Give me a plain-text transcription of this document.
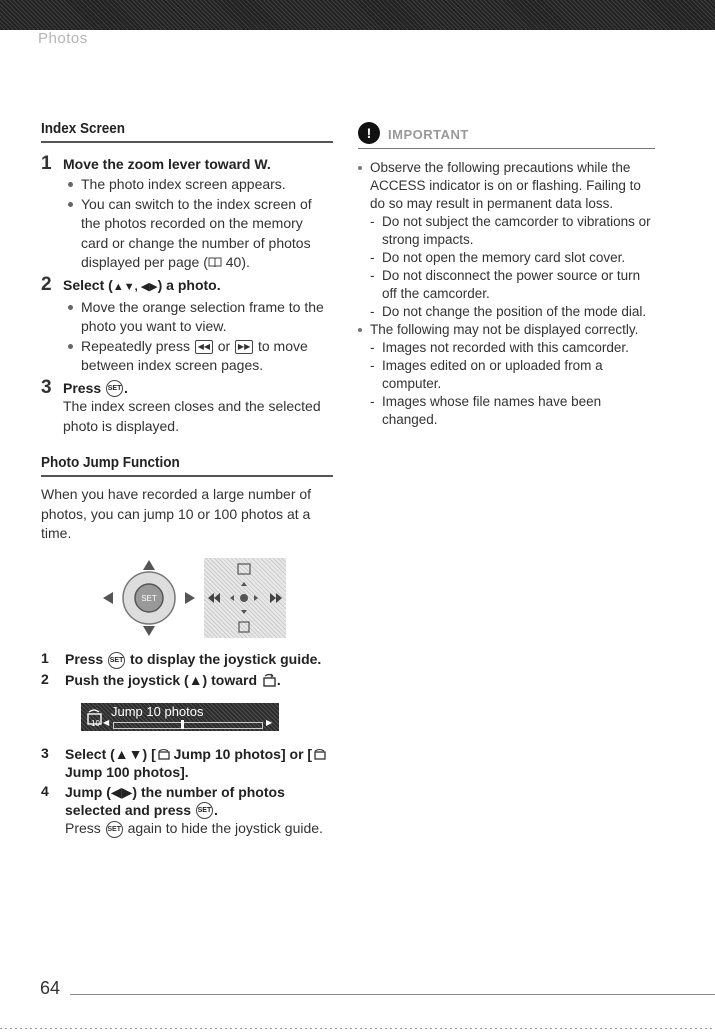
Photos
Index Screen
1 Move the zoom lever toward W.
The photo index screen appears.
You can switch to the index screen of the photos recorded on the memory card or change the number of photos displayed per page ( 40).
2 Select (▲▼, ◀▶) a photo.
Move the orange selection frame to the photo you want to view.
Repeatedly press ◀◀ or ▶▶ to move between index screen pages.
3 Press SET .
The index screen closes and the selected photo is displayed.
Photo Jump Function
When you have recorded a large number of photos, you can jump 10 or 100 photos at a time.
SET
1 Press SET to display the joystick guide.
2 Push the joystick (▲) toward .
Jump 10 photos
10 ◀	▶
3 Select (▲▼) [ Jump 10 photos] or [ Jump 100 photos].
4 Jump (◀▶) the number of photos selected and press SET .
Press SET again to hide the joystick guide.
!	IMPORTANT
Observe the following precautions while the ACCESS indicator is on or flashing. Failing to do so may result in permanent data loss.
- Do not subject the camcorder to vibrations or strong impacts.
- Do not open the memory card slot cover.
- Do not disconnect the power source or turn off the camcorder.
- Do not change the position of the mode dial.
The following may not be displayed correctly.
- Images not recorded with this camcorder.
- Images edited on or uploaded from a computer.
- Images whose file names have been changed.
64
